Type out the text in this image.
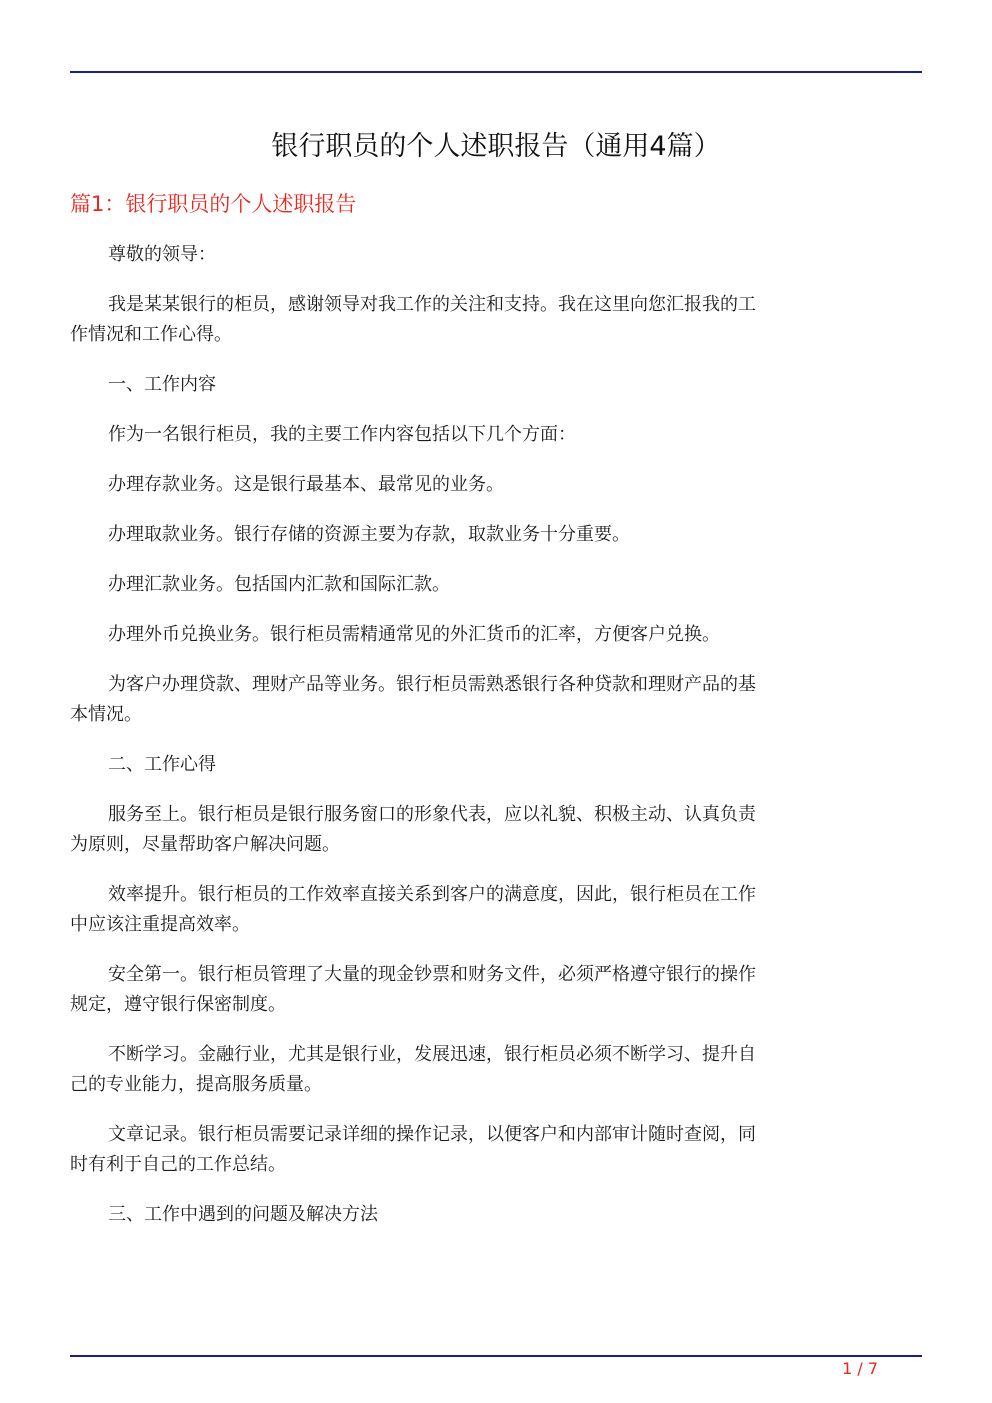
银行职员的个人述职报告（通用4篇）
篇1：银行职员的个人述职报告

尊敬的领导：

我是某某银行的柜员，感谢领导对我工作的关注和支持。我在这里向您汇报我的工作情况和工作心得。

一、工作内容

作为一名银行柜员，我的主要工作内容包括以下几个方面：

办理存款业务。这是银行最基本、最常见的业务。

办理取款业务。银行存储的资源主要为存款，取款业务十分重要。

办理汇款业务。包括国内汇款和国际汇款。

办理外币兑换业务。银行柜员需精通常见的外汇货币的汇率，方便客户兑换。

为客户办理贷款、理财产品等业务。银行柜员需熟悉银行各种贷款和理财产品的基本情况。

二、工作心得

服务至上。银行柜员是银行服务窗口的形象代表，应以礼貌、积极主动、认真负责为原则，尽量帮助客户解决问题。

效率提升。银行柜员的工作效率直接关系到客户的满意度，因此，银行柜员在工作中应该注重提高效率。

安全第一。银行柜员管理了大量的现金钞票和财务文件，必须严格遵守银行的操作规定，遵守银行保密制度。

不断学习。金融行业，尤其是银行业，发展迅速，银行柜员必须不断学习、提升自己的专业能力，提高服务质量。

文章记录。银行柜员需要记录详细的操作记录，以便客户和内部审计随时查阅，同时有利于自己的工作总结。

三、工作中遇到的问题及解决方法

1 / 7
